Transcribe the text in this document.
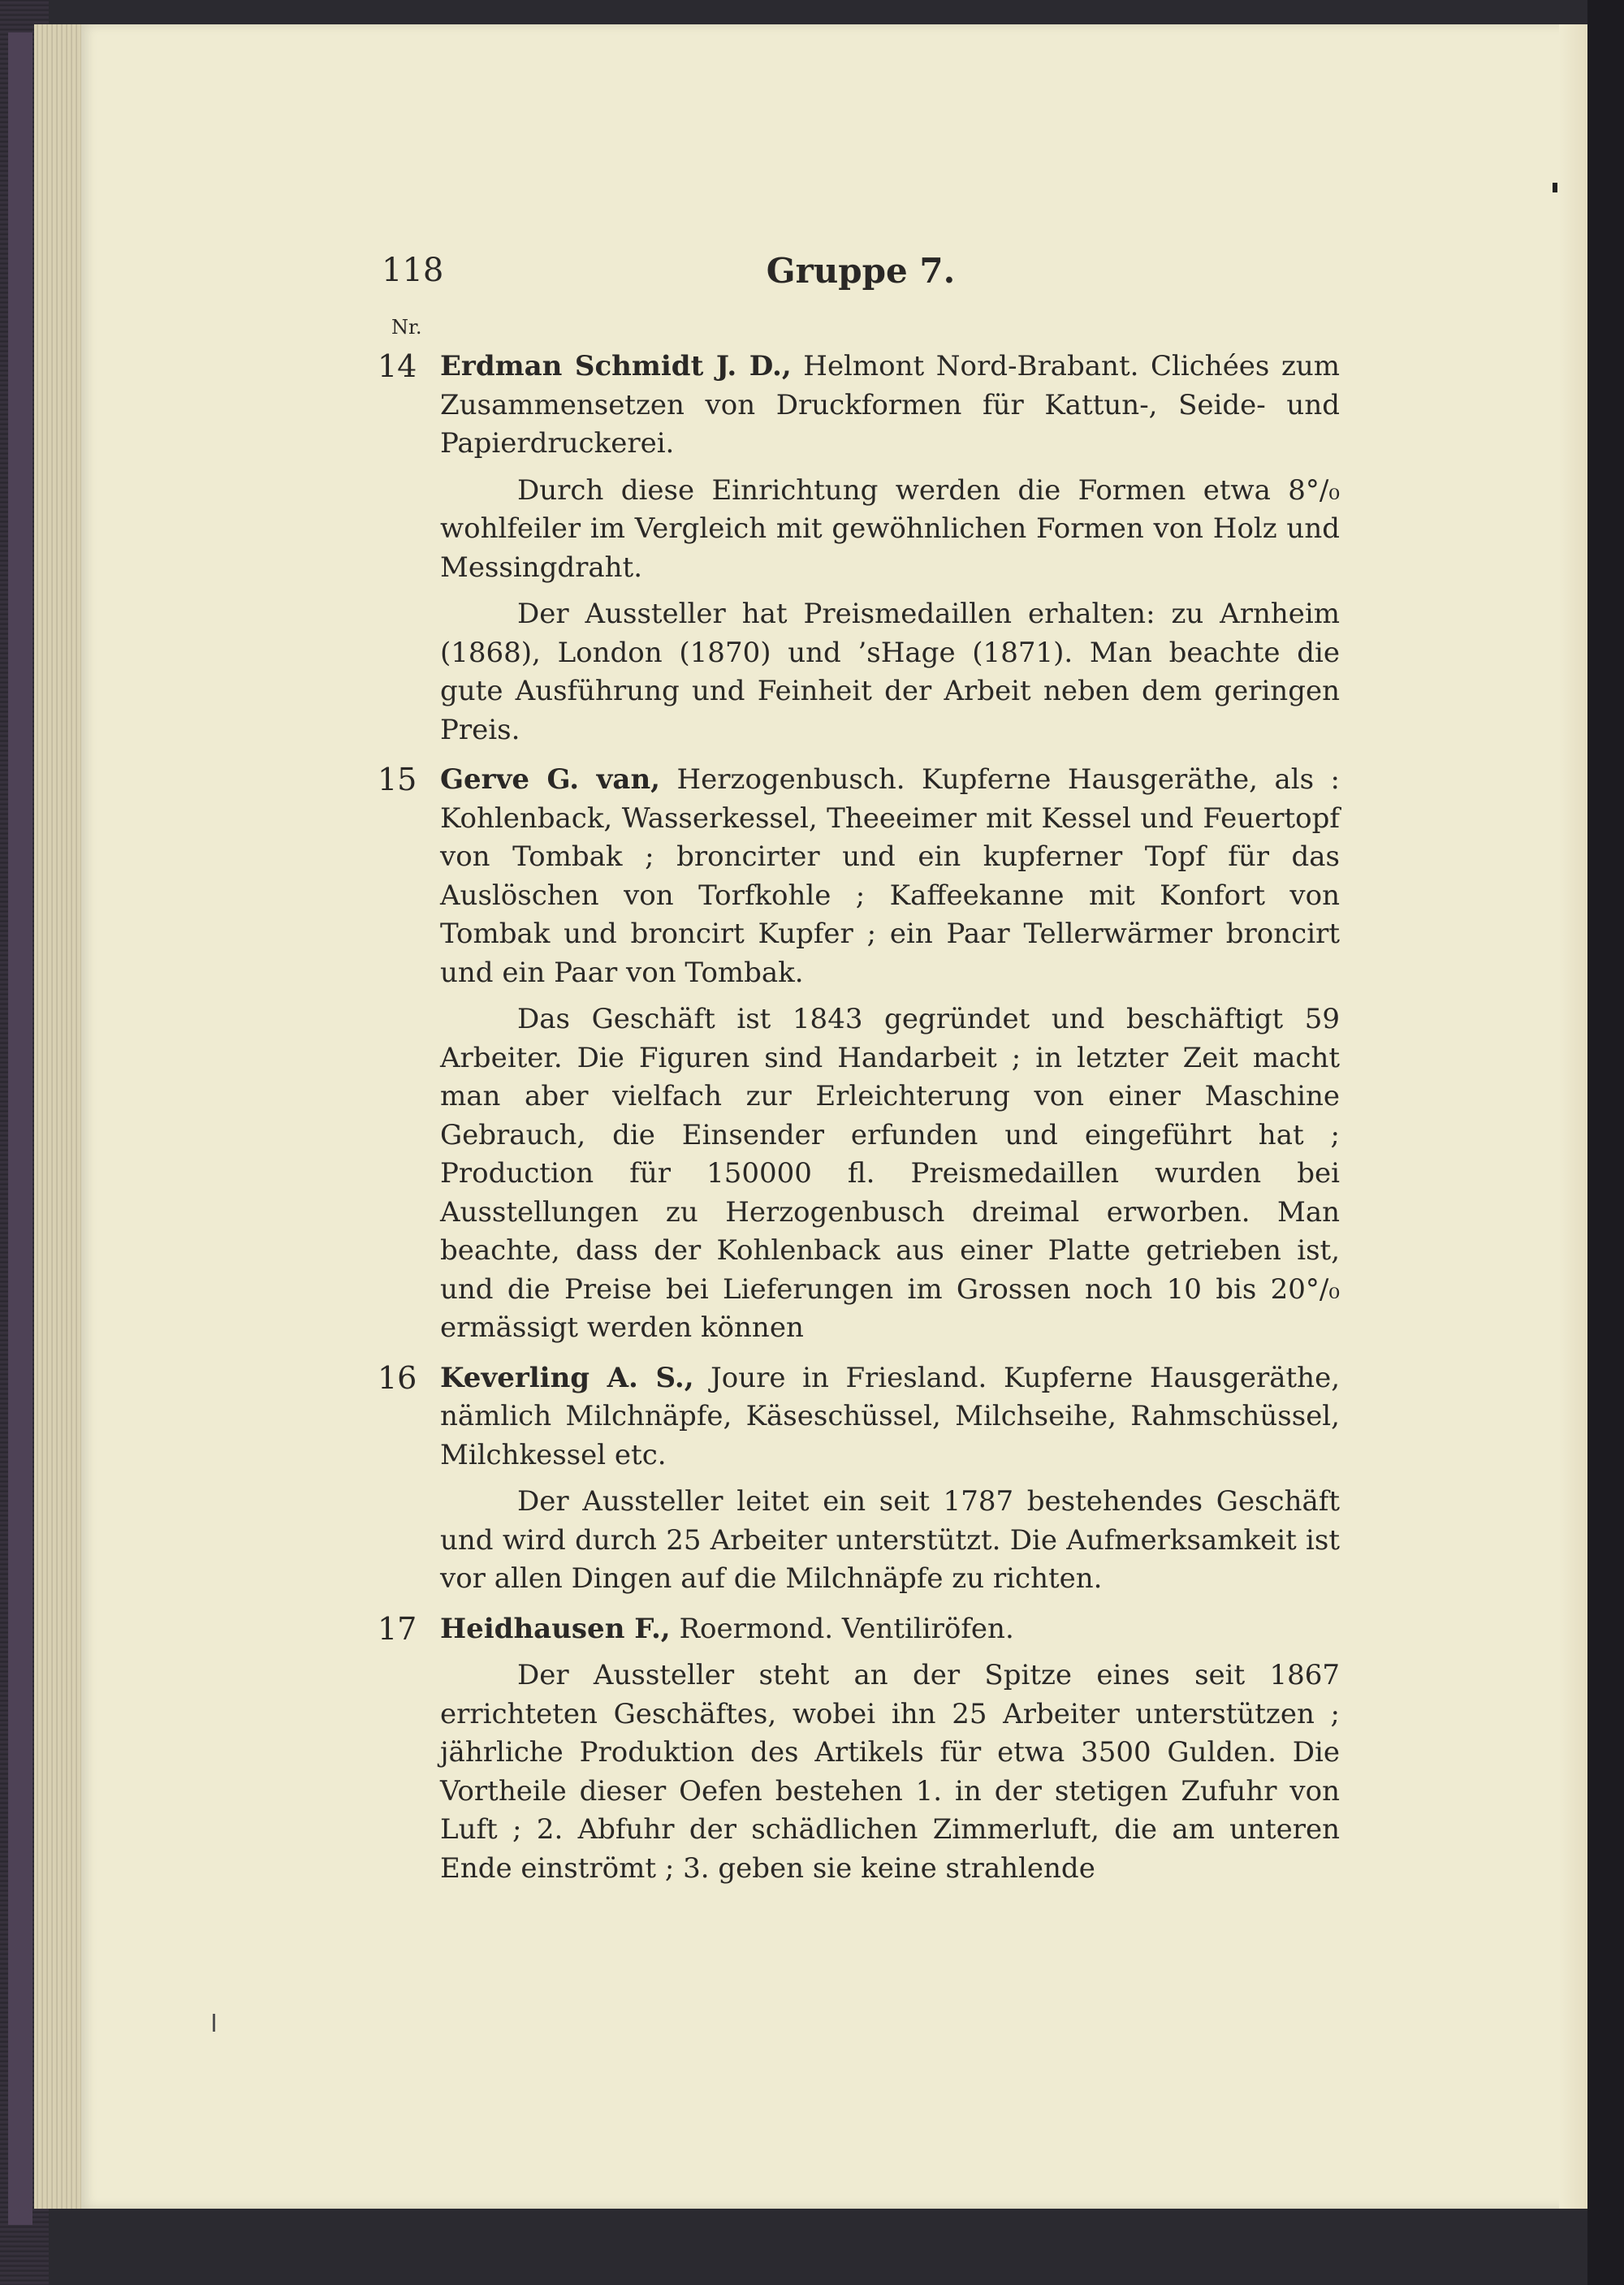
118	Gruppe 7.
Nr.
14 Erdman Schmidt J. D., Helmont Nord-Brabant. Clichées zum Zusammensetzen von Druckformen für Kattun-, Seide- und Papierdruckerei.

Durch diese Einrichtung werden die Formen etwa 8°/₀ wohlfeiler im Vergleich mit gewöhnlichen Formen von Holz und Messingdraht.

Der Aussteller hat Preismedaillen erhalten: zu Arnheim (1868), London (1870) und ’sHage (1871). Man beachte die gute Ausführung und Feinheit der Arbeit neben dem geringen Preis.

15 Gerve G. van, Herzogenbusch. Kupferne Hausgeräthe, als : Kohlenback, Wasserkessel, Theeeimer mit Kessel und Feuertopf von Tombak ; broncirter und ein kupferner Topf für das Auslöschen von Torfkohle ; Kaffeekanne mit Konfort von Tombak und broncirt Kupfer ; ein Paar Tellerwärmer broncirt und ein Paar von Tombak.

Das Geschäft ist 1843 gegründet und beschäftigt 59 Arbeiter. Die Figuren sind Handarbeit ; in letzter Zeit macht man aber vielfach zur Erleichterung von einer Maschine Gebrauch, die Einsender erfunden und eingeführt hat ; Production für 150000 fl. Preismedaillen wurden bei Ausstellungen zu Herzogenbusch dreimal erworben. Man beachte, dass der Kohlenback aus einer Platte getrieben ist, und die Preise bei Lieferungen im Grossen noch 10 bis 20°/₀ ermässigt werden können

16 Keverling A. S., Joure in Friesland. Kupferne Hausgeräthe, nämlich Milchnäpfe, Käseschüssel, Milchseihe, Rahmschüssel, Milchkessel etc.

Der Aussteller leitet ein seit 1787 bestehendes Geschäft und wird durch 25 Arbeiter unterstützt. Die Aufmerksamkeit ist vor allen Dingen auf die Milchnäpfe zu richten.

17 Heidhausen F., Roermond. Ventiliröfen.

Der Aussteller steht an der Spitze eines seit 1867 errichteten Geschäftes, wobei ihn 25 Arbeiter unterstützen ; jährliche Produktion des Artikels für etwa 3500 Gulden. Die Vortheile dieser Oefen bestehen 1. in der stetigen Zufuhr von Luft ; 2. Abfuhr der schädlichen Zimmerluft, die am unteren Ende einströmt ; 3. geben sie keine strahlende
